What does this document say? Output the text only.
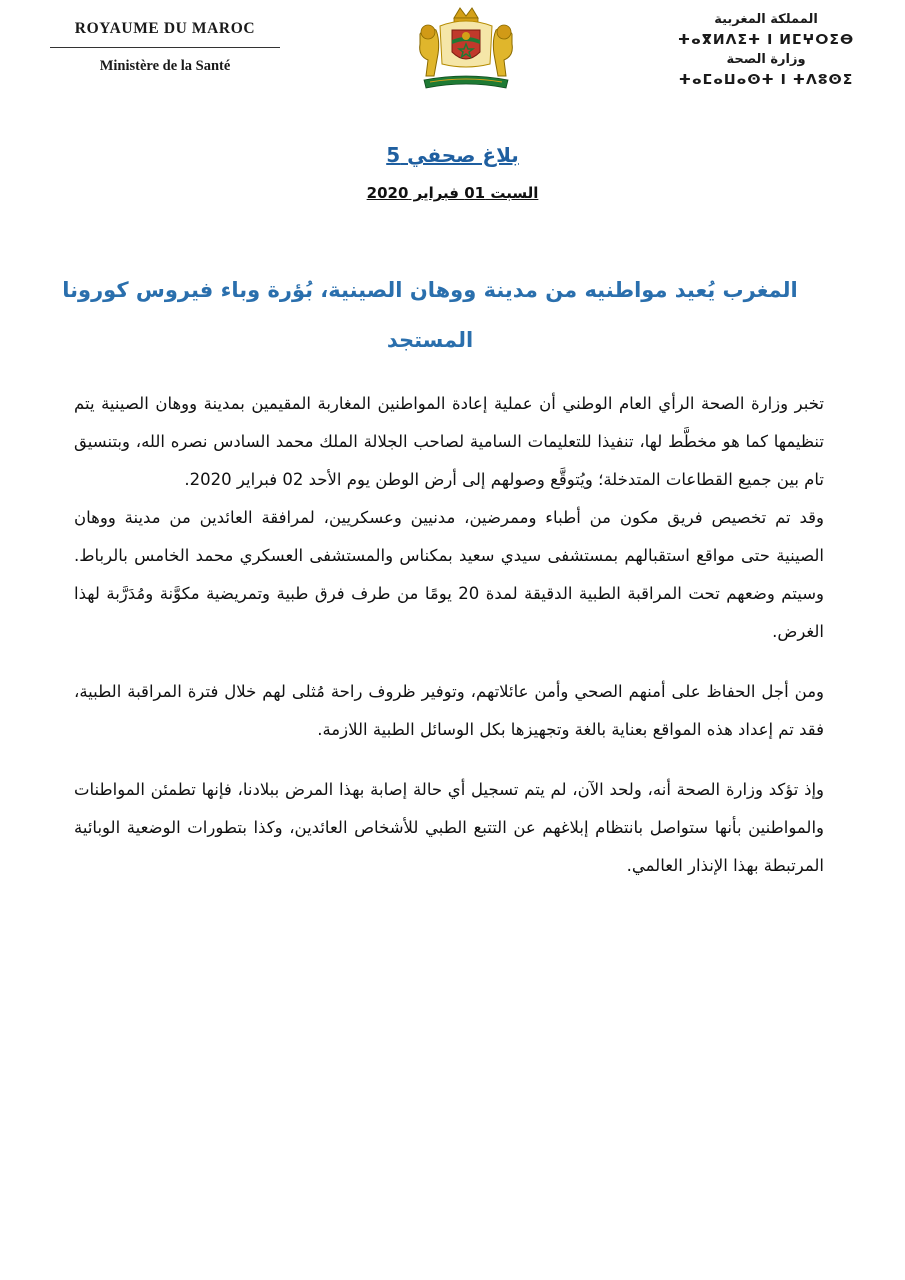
ROYAUME DU MAROC
Ministère de la Santé
المملكة المغربية
ⵜⴰⴳⵍⴷⵉⵜ ⵏ ⵍⵎⵖⵔⵉⴱ
وزارة الصحة
ⵜⴰⵎⴰⵡⴰⵙⵜ ⵏ ⵜⴷⵓⵙⵉ
بلاغ صحفي 5
السبت 01 فبراير 2020
المغرب يُعيد مواطنيه من مدينة ووهان الصينية، بُؤرة وباء فيروس كورونا المستجد

تخبر وزارة الصحة الرأي العام الوطني أن عملية إعادة المواطنين المغاربة المقيمين بمدينة ووهان الصينية يتم تنظيمها كما هو مخطَّط لها، تنفيذا للتعليمات السامية لصاحب الجلالة الملك محمد السادس نصره الله، وبتنسيق تام بين جميع القطاعات المتدخلة؛ ويُتوقَّع وصولهم إلى أرض الوطن يوم الأحد 02 فبراير 2020.

وقد تم تخصيص فريق مكون من أطباء وممرضين، مدنيين وعسكريين، لمرافقة العائدين من مدينة ووهان الصينية حتى مواقع استقبالهم بمستشفى سيدي سعيد بمكناس والمستشفى العسكري محمد الخامس بالرباط. وسيتم وضعهم تحت المراقبة الطبية الدقيقة لمدة 20 يومًا من طرف فرق طبية وتمريضية مكوَّنة ومُدَرَّبة لهذا الغرض.

ومن أجل الحفاظ على أمنهم الصحي وأمن عائلاتهم، وتوفير ظروف راحة مُثلى لهم خلال فترة المراقبة الطبية، فقد تم إعداد هذه المواقع بعناية بالغة وتجهيزها بكل الوسائل الطبية اللازمة.

وإذ تؤكد وزارة الصحة أنه، ولحد الآن، لم يتم تسجيل أي حالة إصابة بهذا المرض ببلادنا، فإنها تطمئن المواطنات والمواطنين بأنها ستواصل بانتظام إبلاغهم عن التتبع الطبي للأشخاص العائدين، وكذا بتطورات الوضعية الوبائية المرتبطة بهذا الإنذار العالمي.
